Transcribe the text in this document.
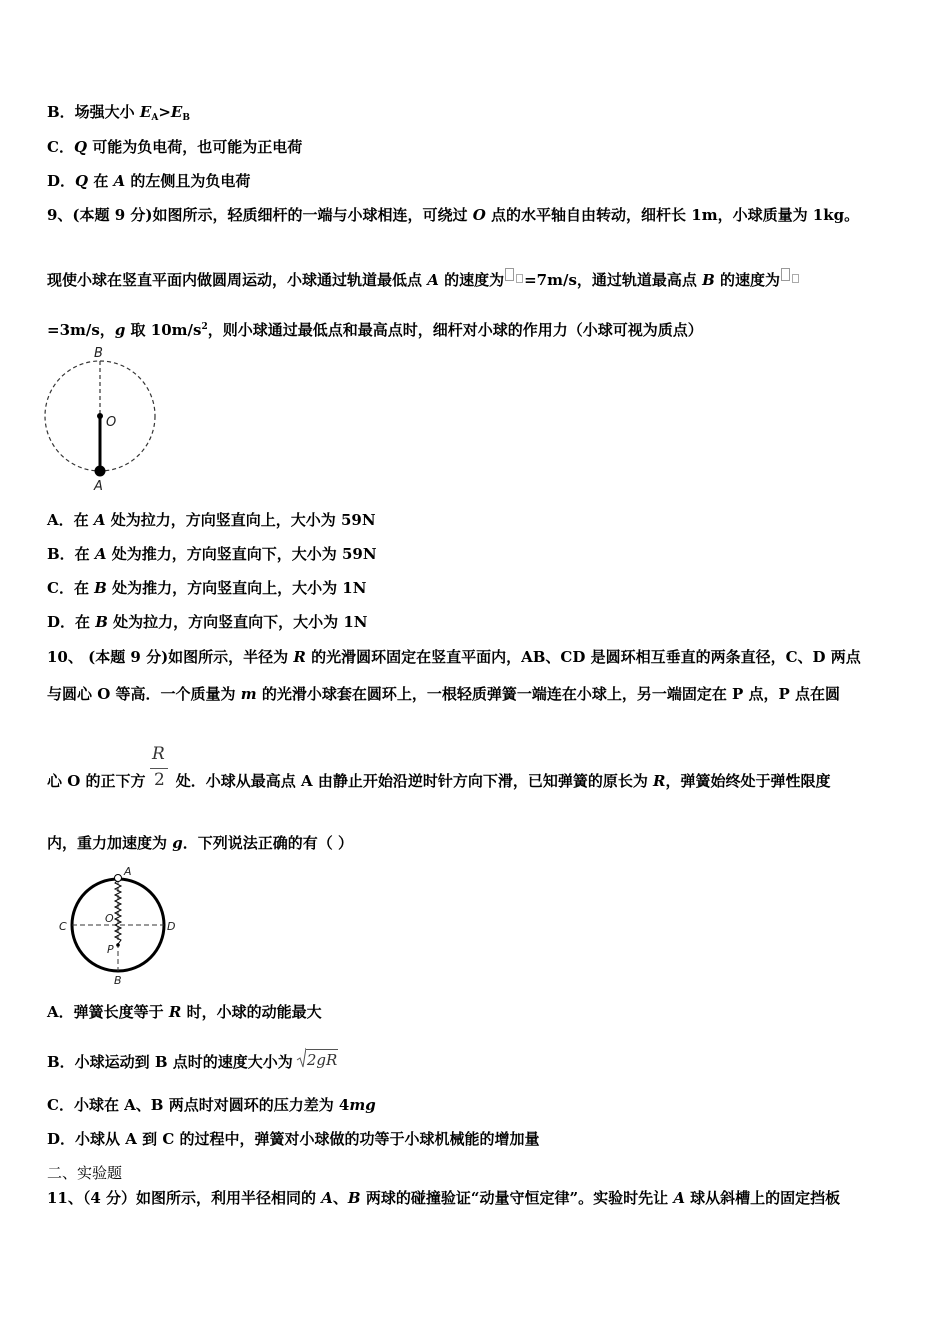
B．场强大小 $E_A>E_B$
C．Q 可能为负电荷，也可能为正电荷
D．Q 在 A 的左侧且为负电荷
9、(本题 9 分)如图所示，轻质细杆的一端与小球相连，可绕过 O 点的水平轴自由转动，细杆长 1m，小球质量为 1kg。
现使小球在竖直平面内做圆周运动，小球通过轨道最低点 A 的速度为 =7m/s，通过轨道最高点 B 的速度为
=3m/s，g 取 $10m/s^2$，则小球通过最低点和最高点时，细杆对小球的作用力（小球可视为质点）
B
O
A
A．在 A 处为拉力，方向竖直向上，大小为 59N
B．在 A 处为推力，方向竖直向下，大小为 59N
C．在 B 处为推力，方向竖直向上，大小为 1N
D．在 B 处为拉力，方向竖直向下，大小为 1N
10、 (本题 9 分)如图所示，半径为 R 的光滑圆环固定在竖直平面内，AB、CD 是圆环相互垂直的两条直径，C、D 两点
与圆心 O 等高．一个质量为 m 的光滑小球套在圆环上，一根轻质弹簧一端连在小球上，另一端固定在 P 点，P 点在圆
R
2
心 O 的正下方 处．小球从最高点 A 由静止开始沿逆时针方向下滑，已知弹簧的原长为 R，弹簧始终处于弹性限度
内，重力加速度为 g．下列说法正确的有（ ）
A
C	D
O
P
B
A．弹簧长度等于 R 时，小球的动能最大
B．小球运动到 B 点时的速度大小为 2gR
C．小球在 A、B 两点时对圆环的压力差为 4mg
D．小球从 A 到 C 的过程中，弹簧对小球做的功等于小球机械能的增加量
二、实验题
11、（4 分）如图所示，利用半径相同的 A、B 两球的碰撞验证“动量守恒定律”。实验时先让 A 球从斜槽上的固定挡板
